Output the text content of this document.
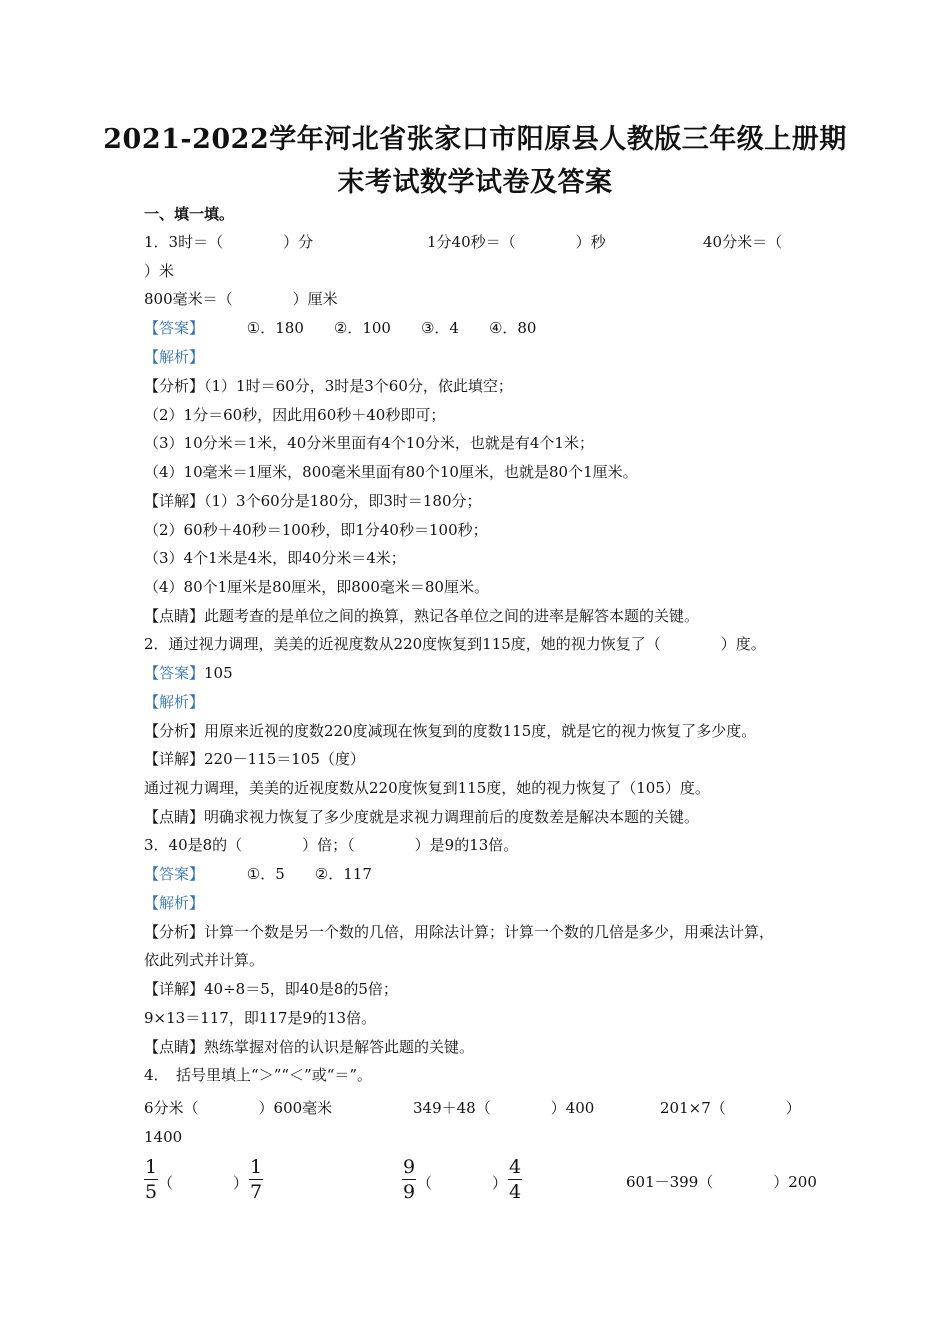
2021-2022学年河北省张家口市阳原县人教版三年级上册期
末考试数学试卷及答案
一、填一填。
1．3时＝（　　　　）分	1分40秒＝（　　　　）秒	40分米＝（
）米
800毫米＝（　　　　）厘米
【答案】	①．180　　②．100　　③．4　　④．80
【解析】
【分析】（1）1时＝60分，3时是3个60分，依此填空；
（2）1分＝60秒，因此用60秒＋40秒即可；
（3）10分米＝1米，40分米里面有4个10分米，也就是有4个1米；
（4）10毫米＝1厘米，800毫米里面有80个10厘米，也就是80个1厘米。
【详解】（1）3个60分是180分，即3时＝180分；
（2）60秒＋40秒＝100秒，即1分40秒＝100秒；
（3）4个1米是4米，即40分米＝4米；
（4）80个1厘米是80厘米，即800毫米＝80厘米。
【点睛】此题考查的是单位之间的换算，熟记各单位之间的进率是解答本题的关键。
2．通过视力调理，美美的近视度数从220度恢复到115度，她的视力恢复了（　　　　）度。
【答案】105
【解析】
【分析】用原来近视的度数220度减现在恢复到的度数115度，就是它的视力恢复了多少度。
【详解】220－115＝105（度）
通过视力调理，美美的近视度数从220度恢复到115度，她的视力恢复了（105）度。
【点睛】明确求视力恢复了多少度就是求视力调理前后的度数差是解决本题的关键。
3．40是8的（　　　　）倍；（　　　　）是9的13倍。
【答案】	①．5　　②．117
【解析】
【分析】计算一个数是另一个数的几倍，用除法计算；计算一个数的几倍是多少，用乘法计算，
依此列式并计算。
【详解】40÷8＝5，即40是8的5倍；
9×13＝117，即117是9的13倍。
【点睛】熟练掌握对倍的认识是解答此题的关键。
4．　括号里填上“＞”“＜”或“＝”。
6分米（　　　　）600毫米	349＋48（　　　　）400	201×7（　　　　）
1400
1
5 （　　　　）
1
7
9
9 （　　　　）
4
4	601－399（　　　　）200
